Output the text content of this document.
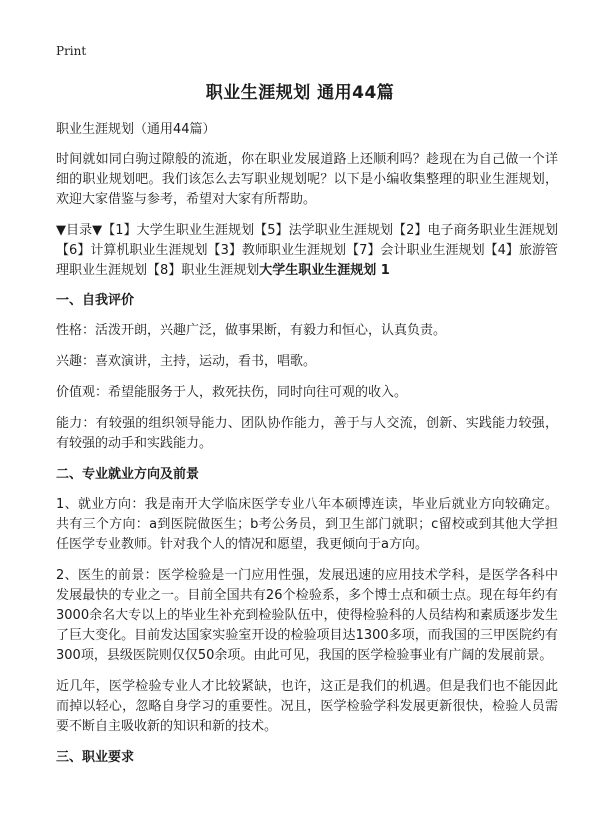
Print
职业生涯规划 通用44篇

职业生涯规划（通用44篇）

时间就如同白驹过隙般的流逝，你在职业发展道路上还顺利吗？趁现在为自己做一个详细的职业规划吧。我们该怎么去写职业规划呢？以下是小编收集整理的职业生涯规划，欢迎大家借鉴与参考，希望对大家有所帮助。

▼目录▼【1】大学生职业生涯规划【5】法学职业生涯规划【2】电子商务职业生涯规划【6】计算机职业生涯规划【3】教师职业生涯规划【7】会计职业生涯规划【4】旅游管理职业生涯规划【8】职业生涯规划大学生职业生涯规划 1

一、自我评价

性格：活泼开朗，兴趣广泛，做事果断，有毅力和恒心，认真负责。

兴趣：喜欢演讲，主持，运动，看书，唱歌。

价值观：希望能服务于人，救死扶伤，同时向往可观的收入。

能力：有较强的组织领导能力、团队协作能力，善于与人交流，创新、实践能力较强，有较强的动手和实践能力。

二、专业就业方向及前景

1、就业方向：我是南开大学临床医学专业八年本硕博连读，毕业后就业方向较确定。共有三个方向：a到医院做医生；b考公务员，到卫生部门就职；c留校或到其他大学担任医学专业教师。针对我个人的情况和愿望，我更倾向于a方向。

2、医生的前景：医学检验是一门应用性强，发展迅速的应用技术学科，是医学各科中发展最快的专业之一。目前全国共有26个检验系，多个博士点和硕士点。现在每年约有3000余名大专以上的毕业生补充到检验队伍中，使得检验科的人员结构和素质逐步发生了巨大变化。目前发达国家实验室开设的检验项目达1300多项，而我国的三甲医院约有300项，县级医院则仅仅50余项。由此可见，我国的医学检验事业有广阔的发展前景。

近几年，医学检验专业人才比较紧缺，也许，这正是我们的机遇。但是我们也不能因此而掉以轻心，忽略自身学习的重要性。况且，医学检验学科发展更新很快，检验人员需要不断自主吸收新的知识和新的技术。

三、职业要求
